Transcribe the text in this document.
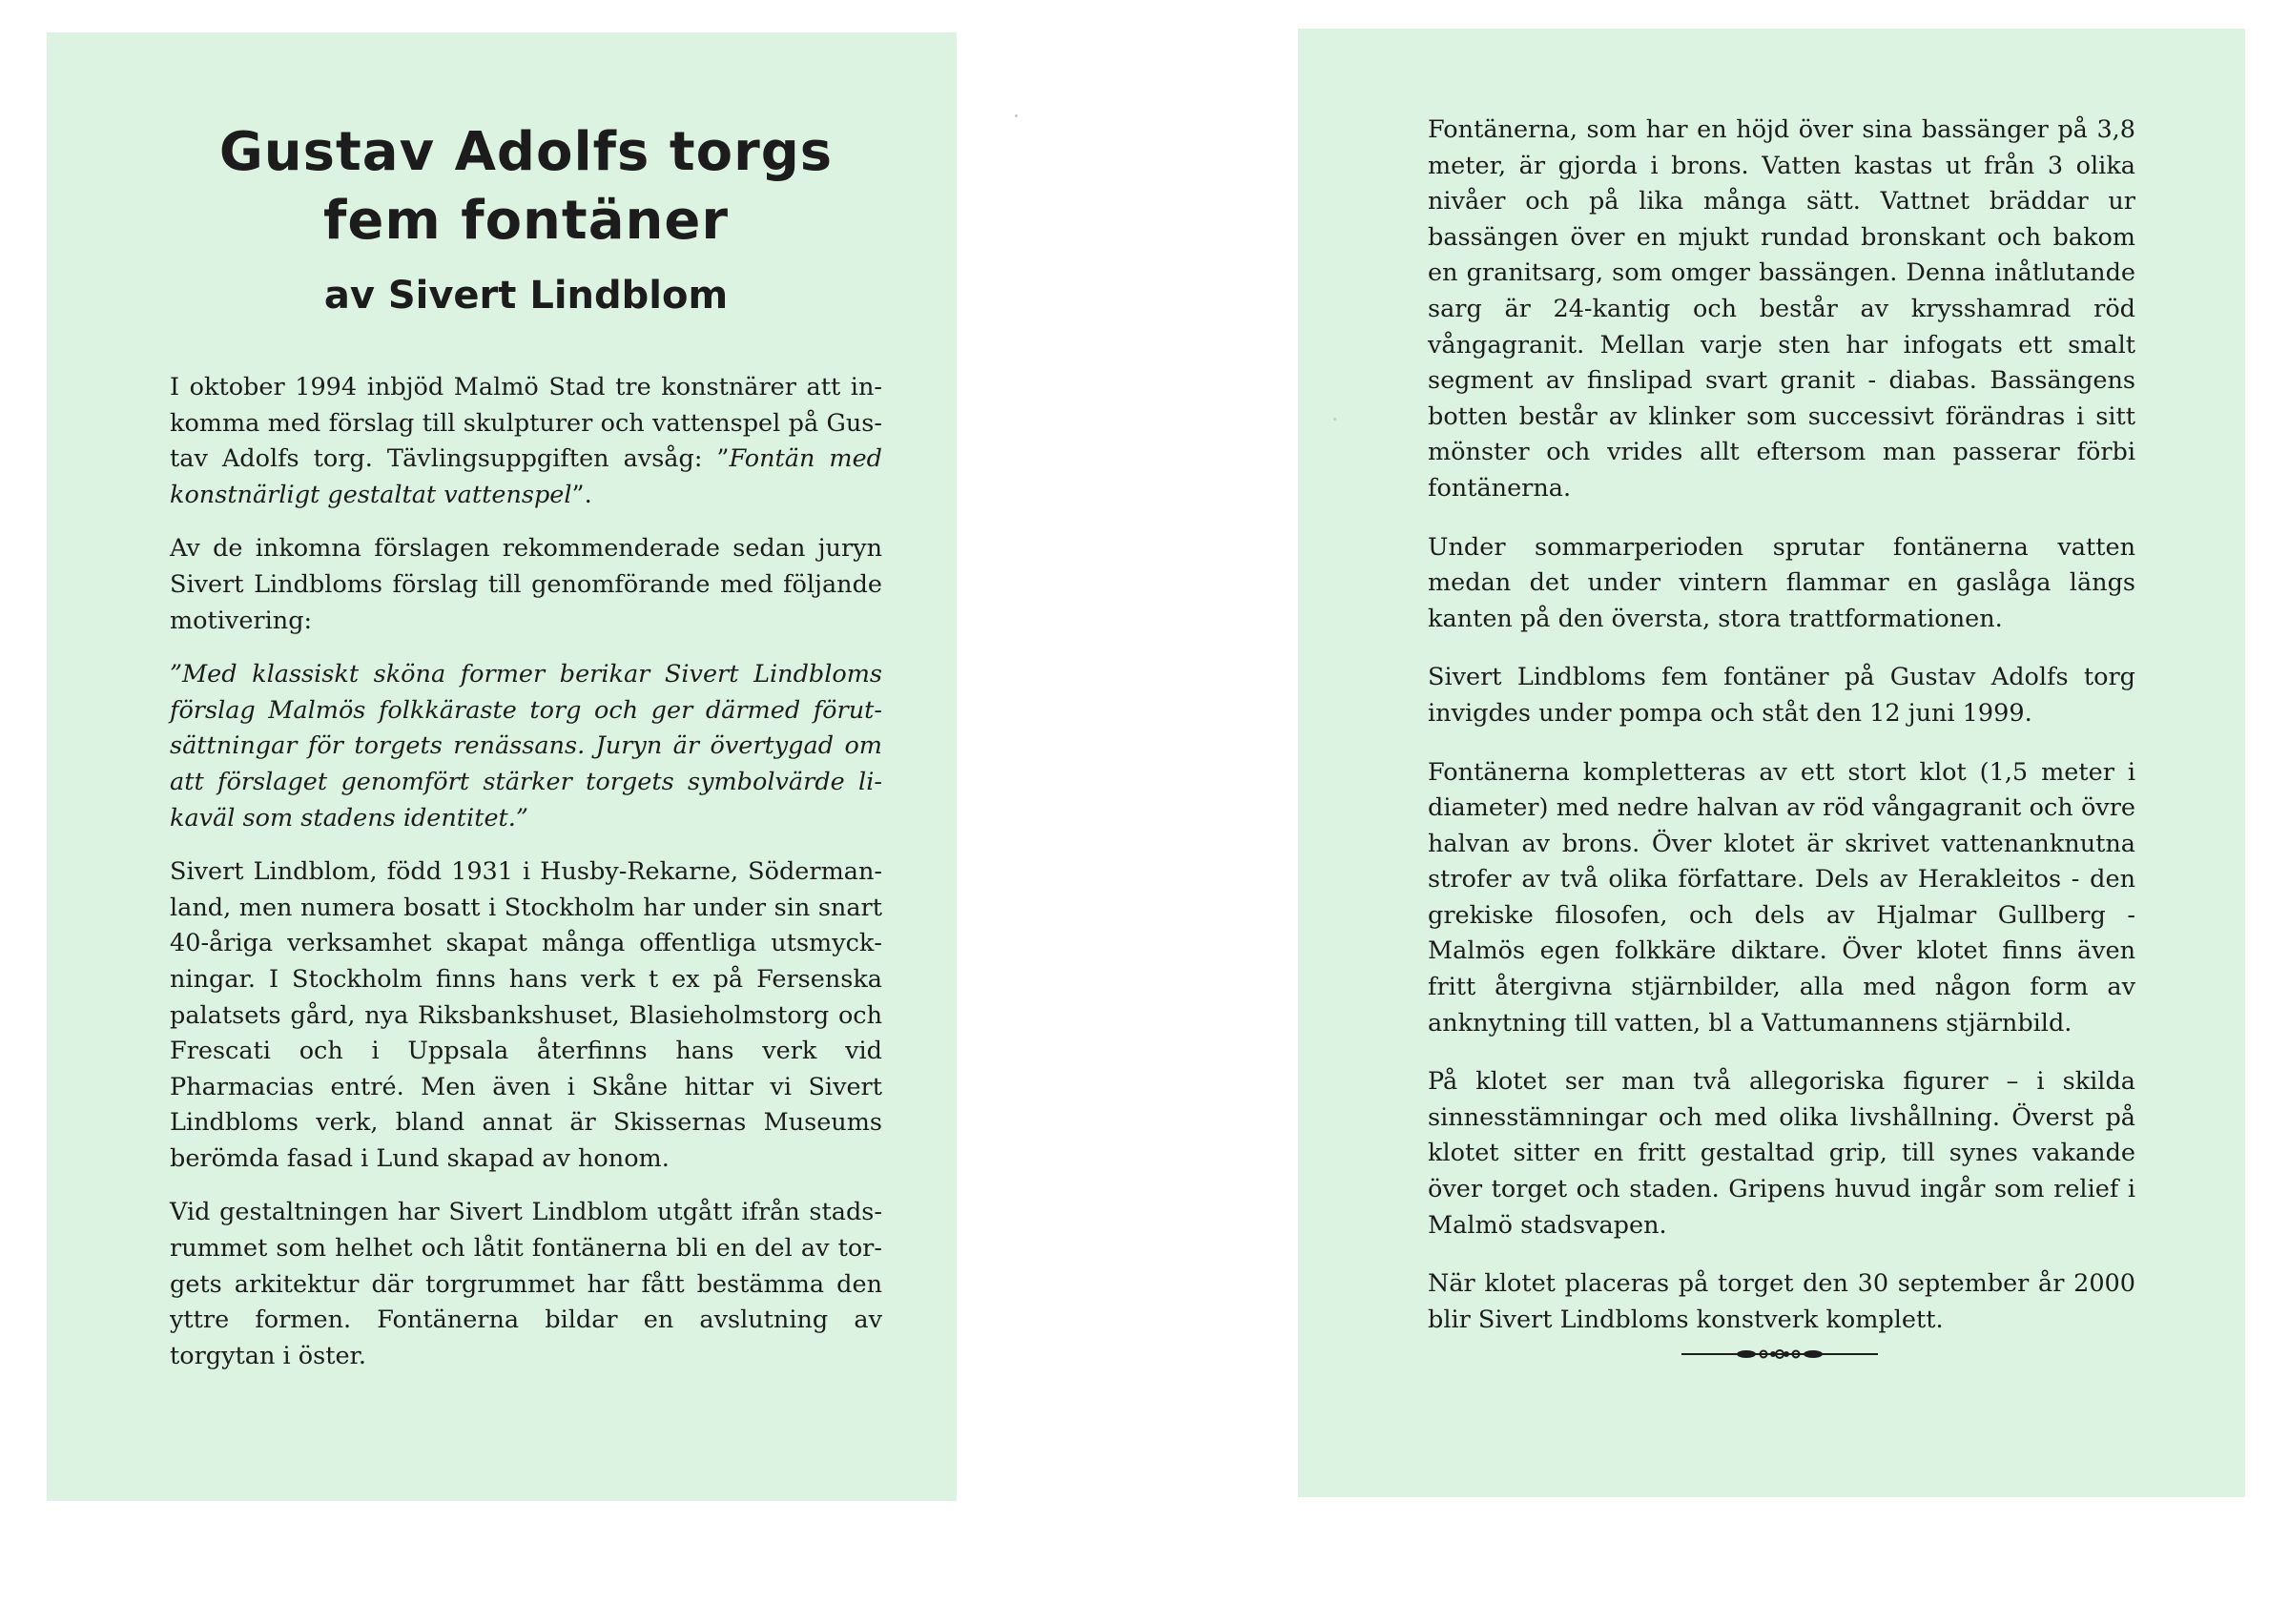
Gustav Adolfs torgs
fem fontäner
av Sivert Lindblom

I oktober 1994 inbjöd Malmö Stad tre konstnärer att inkomma med förslag till skulpturer och vattenspel på Gustav Adolfs torg. Tävlingsuppgiften avsåg: ”Fontän med konstnärligt gestaltat vattenspel”.

Av de inkomna förslagen rekommenderade sedan juryn Sivert Lindbloms förslag till genomförande med följande motivering:

”Med klassiskt sköna former berikar Sivert Lindbloms förslag Malmös folkkäraste torg och ger därmed förutsättningar för torgets renässans. Juryn är övertygad om att förslaget genomfört stärker torgets symbolvärde likaväl som stadens identitet.”

Sivert Lindblom, född 1931 i Husby-Rekarne, Södermanland, men numera bosatt i Stockholm har under sin snart 40-åriga verksamhet skapat många offentliga utsmyckningar. I Stockholm finns hans verk t ex på Fersenska palatsets gård, nya Riksbankshuset, Blasieholmstorg och Frescati och i Uppsala återfinns hans verk vid Pharmacias entré. Men även i Skåne hittar vi Sivert Lindbloms verk, bland annat är Skissernas Museums berömda fasad i Lund skapad av honom.

Vid gestaltningen har Sivert Lindblom utgått ifrån stadsrummet som helhet och låtit fontänerna bli en del av torgets arkitektur där torgrummet har fått bestämma den yttre formen. Fontänerna bildar en avslutning av torgytan i öster.

Fontänerna, som har en höjd över sina bassänger på 3,8 meter, är gjorda i brons. Vatten kastas ut från 3 olika nivåer och på lika många sätt. Vattnet bräddar ur bassängen över en mjukt rundad bronskant och bakom en granitsarg, som omger bassängen. Denna inåtlutande sarg är 24-kantig och består av krysshamrad röd vångagranit. Mellan varje sten har infogats ett smalt segment av finslipad svart granit - diabas. Bassängens botten består av klinker som successivt förändras i sitt mönster och vrides allt eftersom man passerar förbi fontänerna.

Under sommarperioden sprutar fontänerna vatten medan det under vintern flammar en gaslåga längs kanten på den översta, stora trattformationen.

Sivert Lindbloms fem fontäner på Gustav Adolfs torg invigdes under pompa och ståt den 12 juni 1999.

Fontänerna kompletteras av ett stort klot (1,5 meter i diameter) med nedre halvan av röd vångagranit och övre halvan av brons. Över klotet är skrivet vattenanknutna strofer av två olika författare. Dels av Herakleitos - den grekiske filosofen, och dels av Hjalmar Gullberg - Malmös egen folkkäre diktare. Över klotet finns även fritt återgivna stjärnbilder, alla med någon form av anknytning till vatten, bl a Vattumannens stjärnbild.

På klotet ser man två allegoriska figurer – i skilda sinnesstämningar och med olika livshållning. Överst på klotet sitter en fritt gestaltad grip, till synes vakande över torget och staden. Gripens huvud ingår som relief i Malmö stadsvapen.

När klotet placeras på torget den 30 september år 2000 blir Sivert Lindbloms konstverk komplett.
